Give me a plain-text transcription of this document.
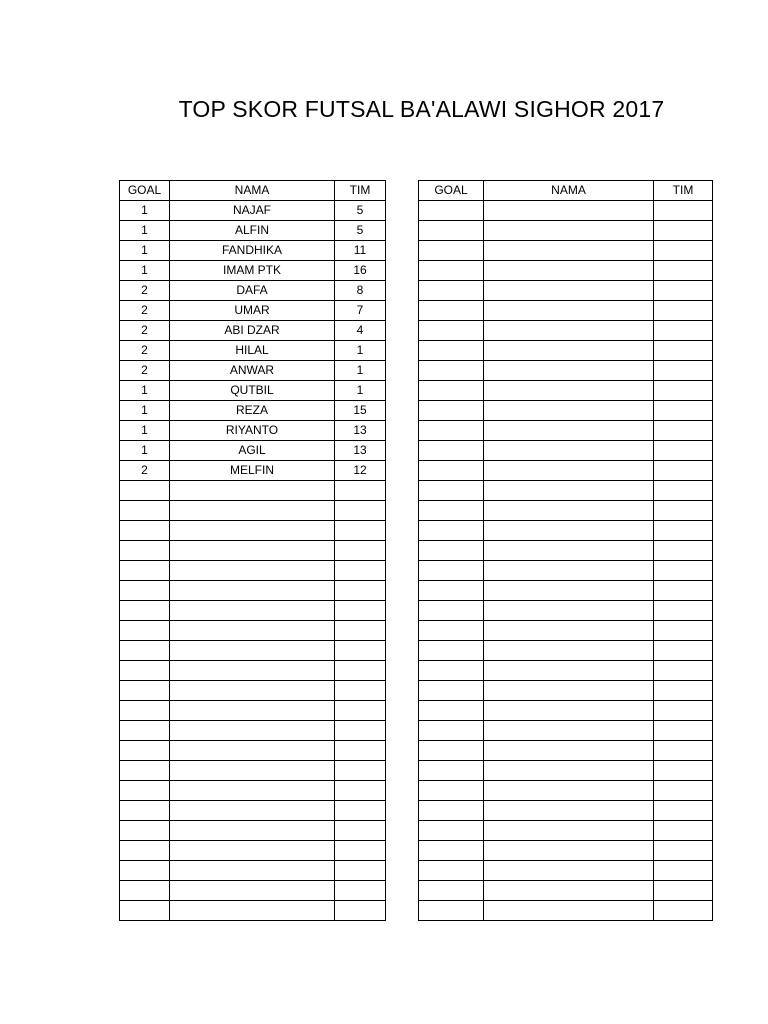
TOP SKOR FUTSAL BA'ALAWI SIGHOR 2017
GOAL	NAMA	TIM
1	NAJAF	5
1	ALFIN	5
1	FANDHIKA	11
1	IMAM PTK	16
2	DAFA	8
2	UMAR	7
2	ABI DZAR	4
2	HILAL	1
2	ANWAR	1
1	QUTBIL	1
1	REZA	15
1	RIYANTO	13
1	AGIL	13
2	MELFIN	12

GOAL	NAMA	TIM
